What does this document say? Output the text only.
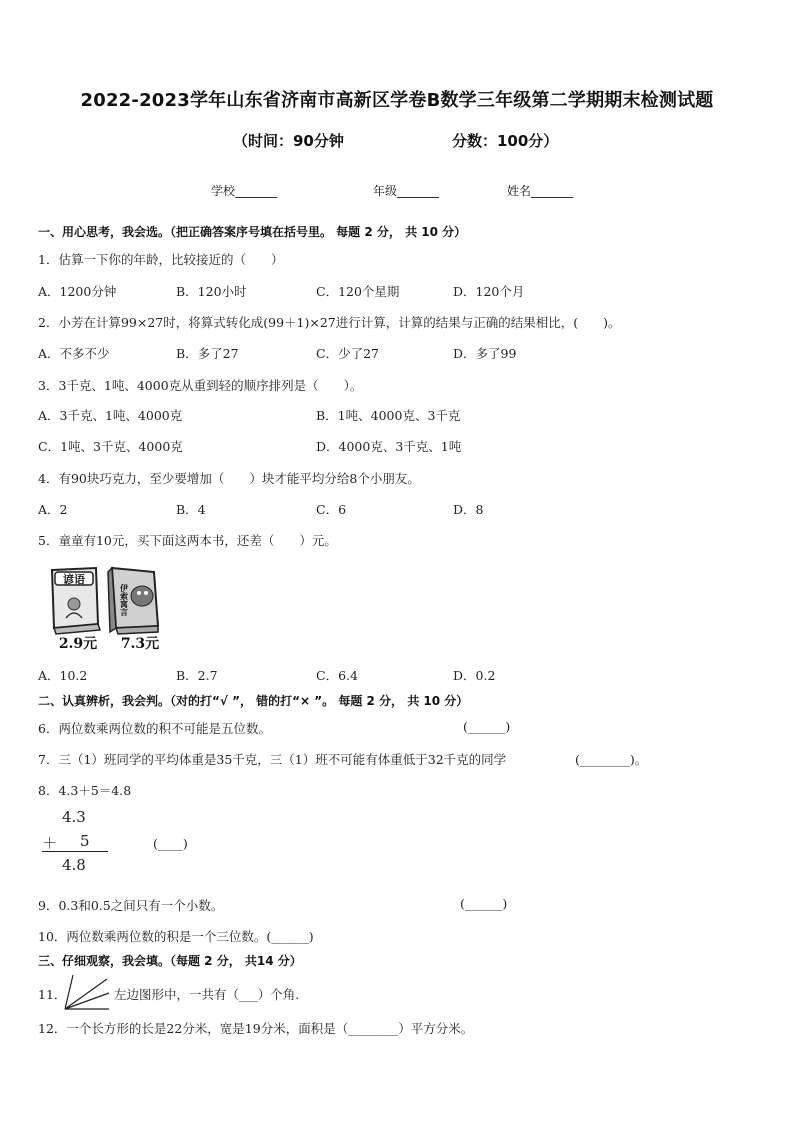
2022-2023学年山东省济南市高新区学卷B数学三年级第二学期期末检测试题
（时间：90分钟	分数：100分）
学校_______	年级_______	姓名_______
一、用心思考，我会选。（把正确答案序号填在括号里。 每题 2 分， 共 10 分）
1．估算一下你的年龄，比较接近的（　　）
A．1200分钟	B．120小时	C．120个星期	D．120个月
2．小芳在计算99×27时，将算式转化成(99＋1)×27进行计算，计算的结果与正确的结果相比，(　　)。
A．不多不少	B．多了27	C．少了27	D．多了99
3．3千克、1吨、4000克从重到轻的顺序排列是（　　）。
A．3千克、1吨、4000克	B．1吨、4000克、3千克
C．1吨、3千克、4000克	D．4000克、3千克、1吨
4．有90块巧克力，至少要增加（　　）块才能平均分给8个小朋友。
A．2	B．4	C．6	D．8
5．童童有10元，买下面这两本书，还差（　　）元。
谚语
伊索寓言
2.9元 7.3元
A．10.2	B．2.7	C．6.4	D．0.2
二、认真辨析，我会判。（对的打“√ ”， 错的打“× ”。 每题 2 分， 共 10 分）
6．两位数乘两位数的积不可能是五位数。	(______)
7．三（1）班同学的平均体重是35千克，三（1）班不可能有体重低于32千克的同学	(________)。
8．4.3＋5＝4.8
4.3
＋ 5
4.8
(____)
9．0.3和0.5之间只有一个小数。	(______)
10．两位数乘两位数的积是一个三位数。(______)
三、仔细观察，我会填。（每题 2 分， 共14 分）
11．	左边图形中，一共有（___）个角.
12．一个长方形的长是22分米，宽是19分米，面积是（________）平方分米。
